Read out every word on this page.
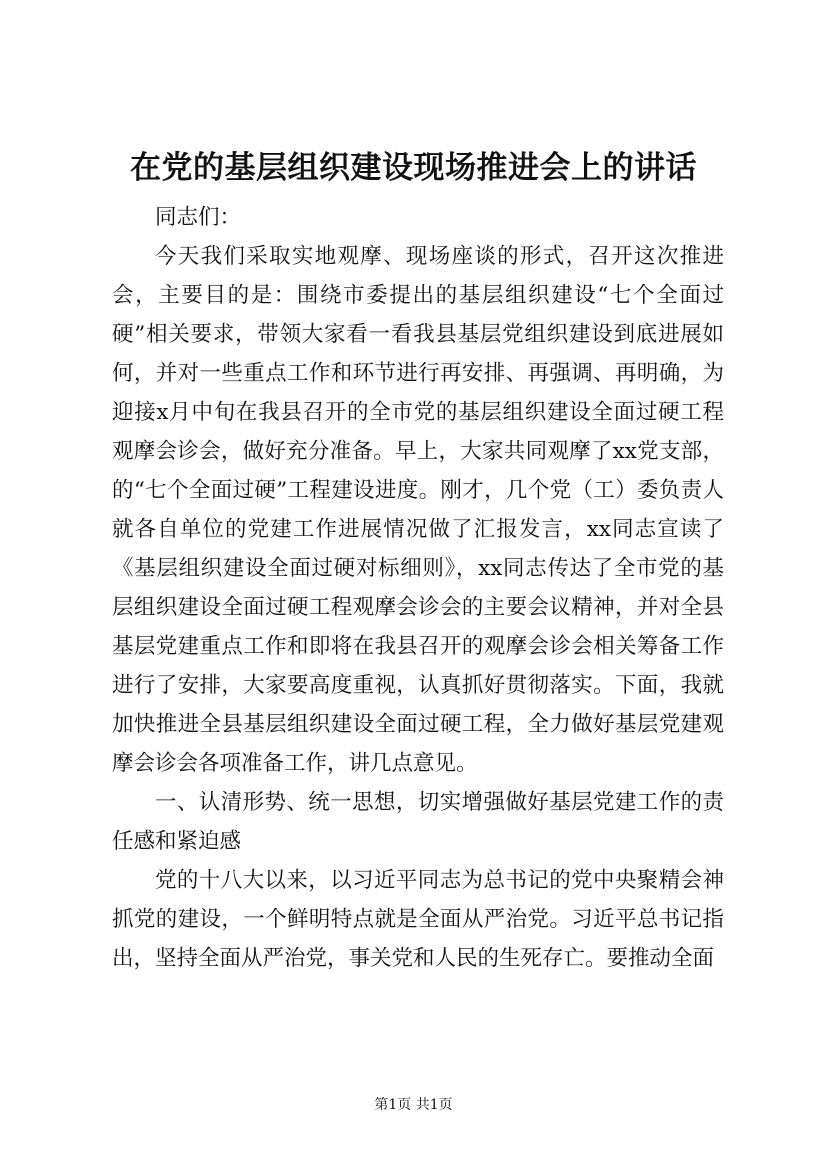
在党的基层组织建设现场推进会上的讲话

同志们：

今天我们采取实地观摩、现场座谈的形式，召开这次推进会，主要目的是：围绕市委提出的基层组织建设“七个全面过硬”相关要求，带领大家看一看我县基层党组织建设到底进展如何，并对一些重点工作和环节进行再安排、再强调、再明确，为迎接x月中旬在我县召开的全市党的基层组织建设全面过硬工程观摩会诊会，做好充分准备。早上，大家共同观摩了xx党支部，的“七个全面过硬”工程建设进度。刚才，几个党（工）委负责人就各自单位的党建工作进展情况做了汇报发言，xx同志宣读了《基层组织建设全面过硬对标细则》，xx同志传达了全市党的基层组织建设全面过硬工程观摩会诊会的主要会议精神，并对全县基层党建重点工作和即将在我县召开的观摩会诊会相关筹备工作进行了安排，大家要高度重视，认真抓好贯彻落实。下面，我就加快推进全县基层组织建设全面过硬工程，全力做好基层党建观摩会诊会各项准备工作，讲几点意见。

一、认清形势、统一思想，切实增强做好基层党建工作的责任感和紧迫感

党的十八大以来，以习近平同志为总书记的党中央聚精会神抓党的建设，一个鲜明特点就是全面从严治党。习近平总书记指出，坚持全面从严治党，事关党和人民的生死存亡。要推动全面

第1页 共1页
